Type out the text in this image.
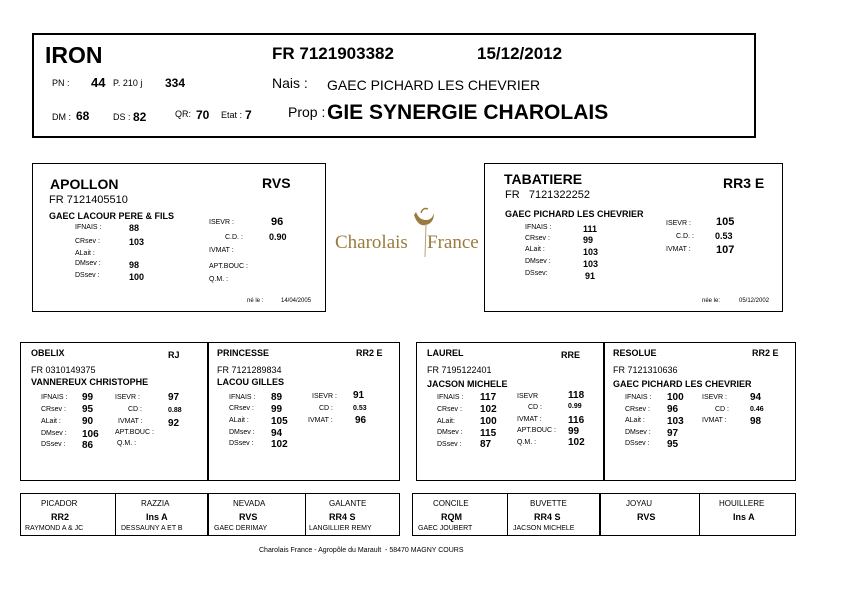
IRON	FR 7121903382	15/12/2012
PN : 44 P. 210 j 334
DM : 68	DS : 82	QR: 70 Etat : 7
Nais : GAEC PICHARD LES CHEVRIER
Prop : GIE SYNERGIE CHAROLAIS
APOLLON	RVS
FR 7121405510
GAEC LACOUR PERE & FILS
IFNAIS :	88
CRsev :	103
ALait :
DMsev :	98
DSsev :	100
ISEVR :	96
C.D. :	0.90
IVMAT :
APT.BOUC :
Q.M. :
né le :	14/04/2005
Charolais France
TABATIERE	RR3 E
FR   7121322252
GAEC PICHARD LES CHEVRIER
IFNAIS :	111
CRsev :	99
ALait :	103
DMsev :	103
DSsev:	91
ISEVR : 105
C.D. : 0.53
IVMAT : 107
née le:	05/12/2002
OBELIX	RJ
FR 0310149375
VANNEREUX CHRISTOPHE
IFNAIS : 99
CRsev : 95
ALait : 90
DMsev : 106
DSsev : 86
ISEVR :	97
CD :	0.88
IVMAT :	92
APT.BOUC :
Q.M. :
PRINCESSE	RR2 E
FR 7121289834
LACOU GILLES
IFNAIS : 89
CRsev : 99
ALait : 105
DMsev : 94
DSsev : 102
ISEVR : 91
CD :	0.53
IVMAT : 96
LAUREL	RRE
FR 7195122401
JACSON MICHELE
IFNAIS : 117
CRsev : 102
ALait:	100
DMsev : 115
DSsev : 87
ISEVR	118
CD :	0.99
IVMAT :	116
APT.BOUC : 99
Q.M. :	102
RESOLUE	RR2 E
FR 7121310636
GAEC PICHARD LES CHEVRIER
IFNAIS : 100
CRsev : 96
ALait : 103
DMsev : 97
DSsev : 95
ISEVR : 94
CD :	0.46
IVMAT : 98
PICADOR
RR2
RAYMOND A & JC
RAZZIA
Ins A
DESSAUNY A ET B
NEVADA
RVS
GAEC DERIMAY
GALANTE
RR4 S
LANGILLIER REMY
CONCILE
RQM
GAEC JOUBERT
BUVETTE
RR4 S
JACSON MICHELE
JOYAU
RVS
HOUILLERE
Ins A
Charolais France - Agropôle du Marault  - 58470 MAGNY COURS
